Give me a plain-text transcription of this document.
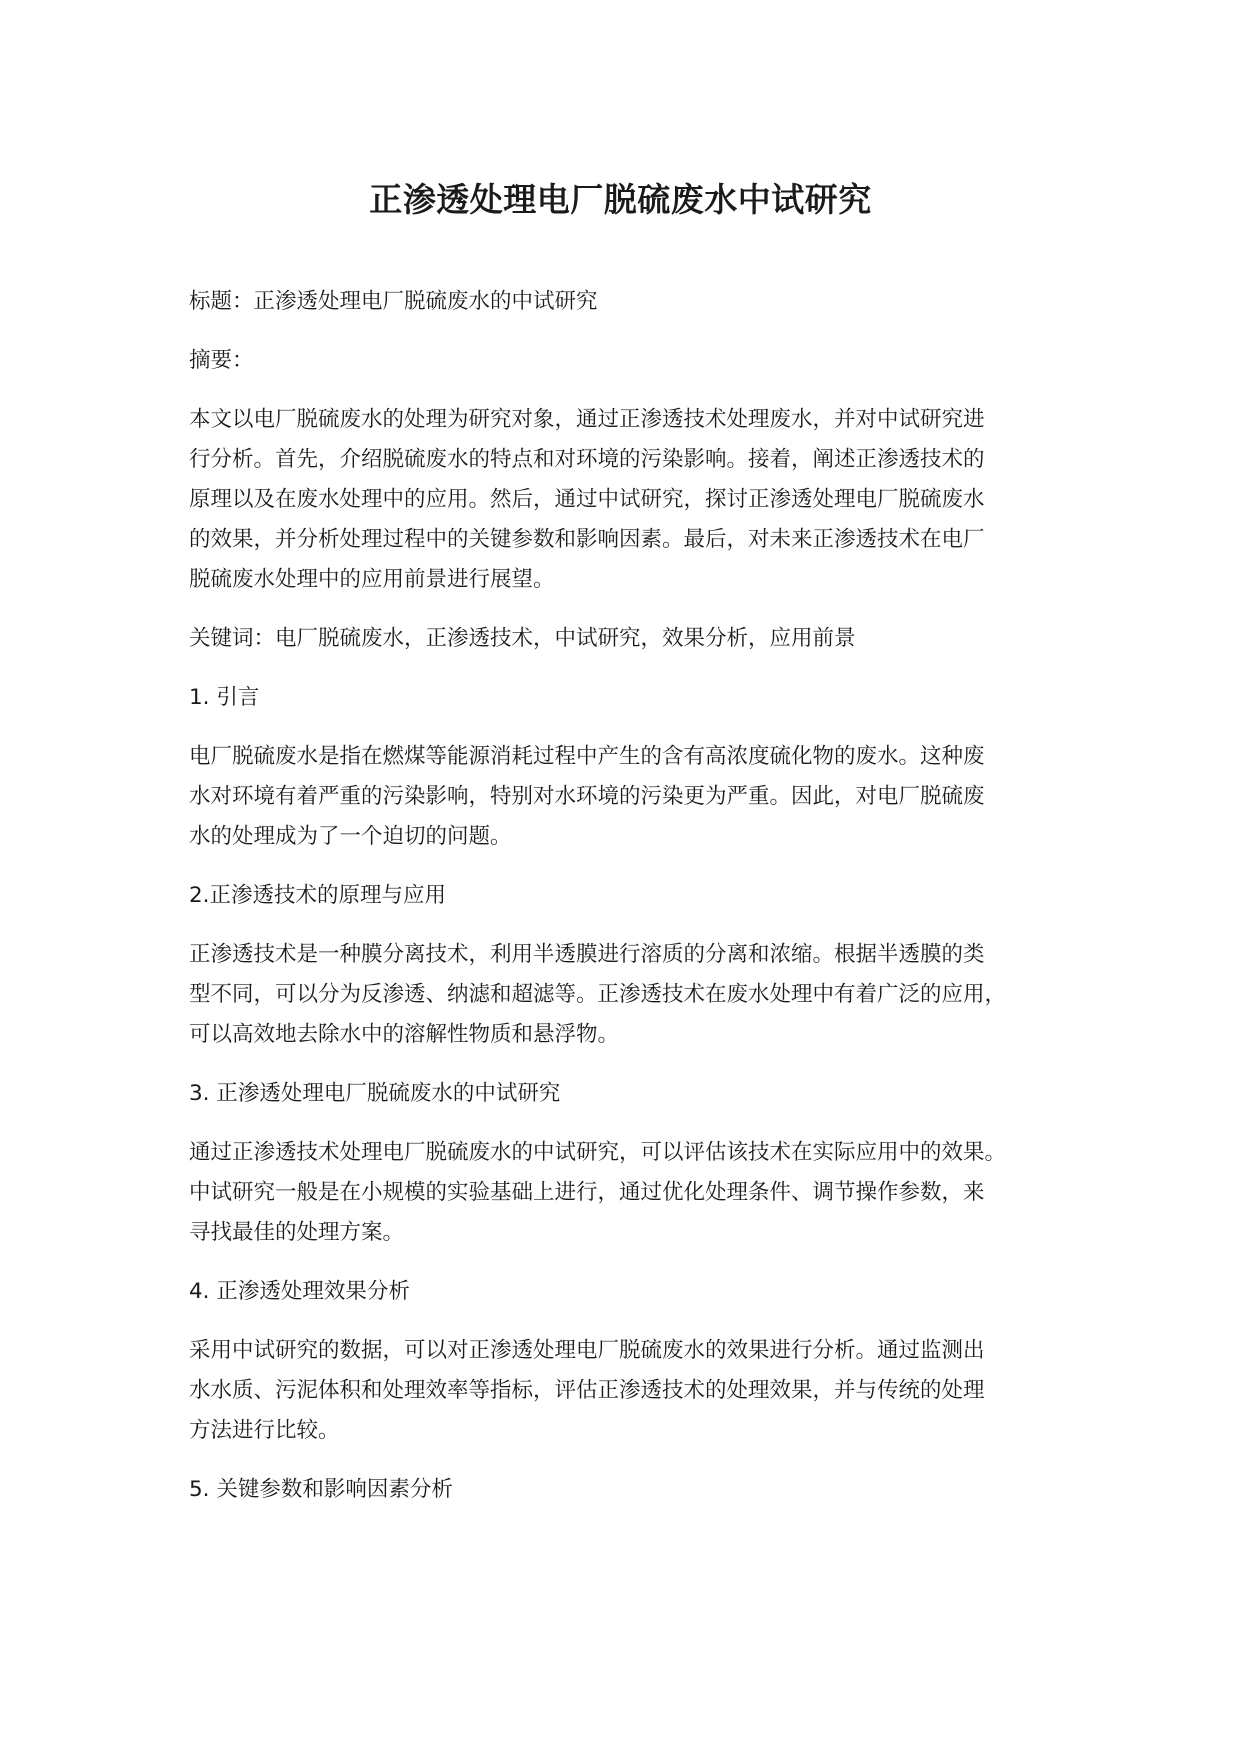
正渗透处理电厂脱硫废水中试研究

标题：正渗透处理电厂脱硫废水的中试研究

摘要：

本文以电厂脱硫废水的处理为研究对象，通过正渗透技术处理废水，并对中试研究进
行分析。首先，介绍脱硫废水的特点和对环境的污染影响。接着，阐述正渗透技术的
原理以及在废水处理中的应用。然后，通过中试研究，探讨正渗透处理电厂脱硫废水
的效果，并分析处理过程中的关键参数和影响因素。最后，对未来正渗透技术在电厂
脱硫废水处理中的应用前景进行展望。

关键词：电厂脱硫废水，正渗透技术，中试研究，效果分析，应用前景

1. 引言

电厂脱硫废水是指在燃煤等能源消耗过程中产生的含有高浓度硫化物的废水。这种废
水对环境有着严重的污染影响，特别对水环境的污染更为严重。因此，对电厂脱硫废
水的处理成为了一个迫切的问题。

2.正渗透技术的原理与应用

正渗透技术是一种膜分离技术，利用半透膜进行溶质的分离和浓缩。根据半透膜的类
型不同，可以分为反渗透、纳滤和超滤等。正渗透技术在废水处理中有着广泛的应用，
可以高效地去除水中的溶解性物质和悬浮物。

3. 正渗透处理电厂脱硫废水的中试研究

通过正渗透技术处理电厂脱硫废水的中试研究，可以评估该技术在实际应用中的效果。
中试研究一般是在小规模的实验基础上进行，通过优化处理条件、调节操作参数，来
寻找最佳的处理方案。

4. 正渗透处理效果分析

采用中试研究的数据，可以对正渗透处理电厂脱硫废水的效果进行分析。通过监测出
水水质、污泥体积和处理效率等指标，评估正渗透技术的处理效果，并与传统的处理
方法进行比较。

5. 关键参数和影响因素分析
